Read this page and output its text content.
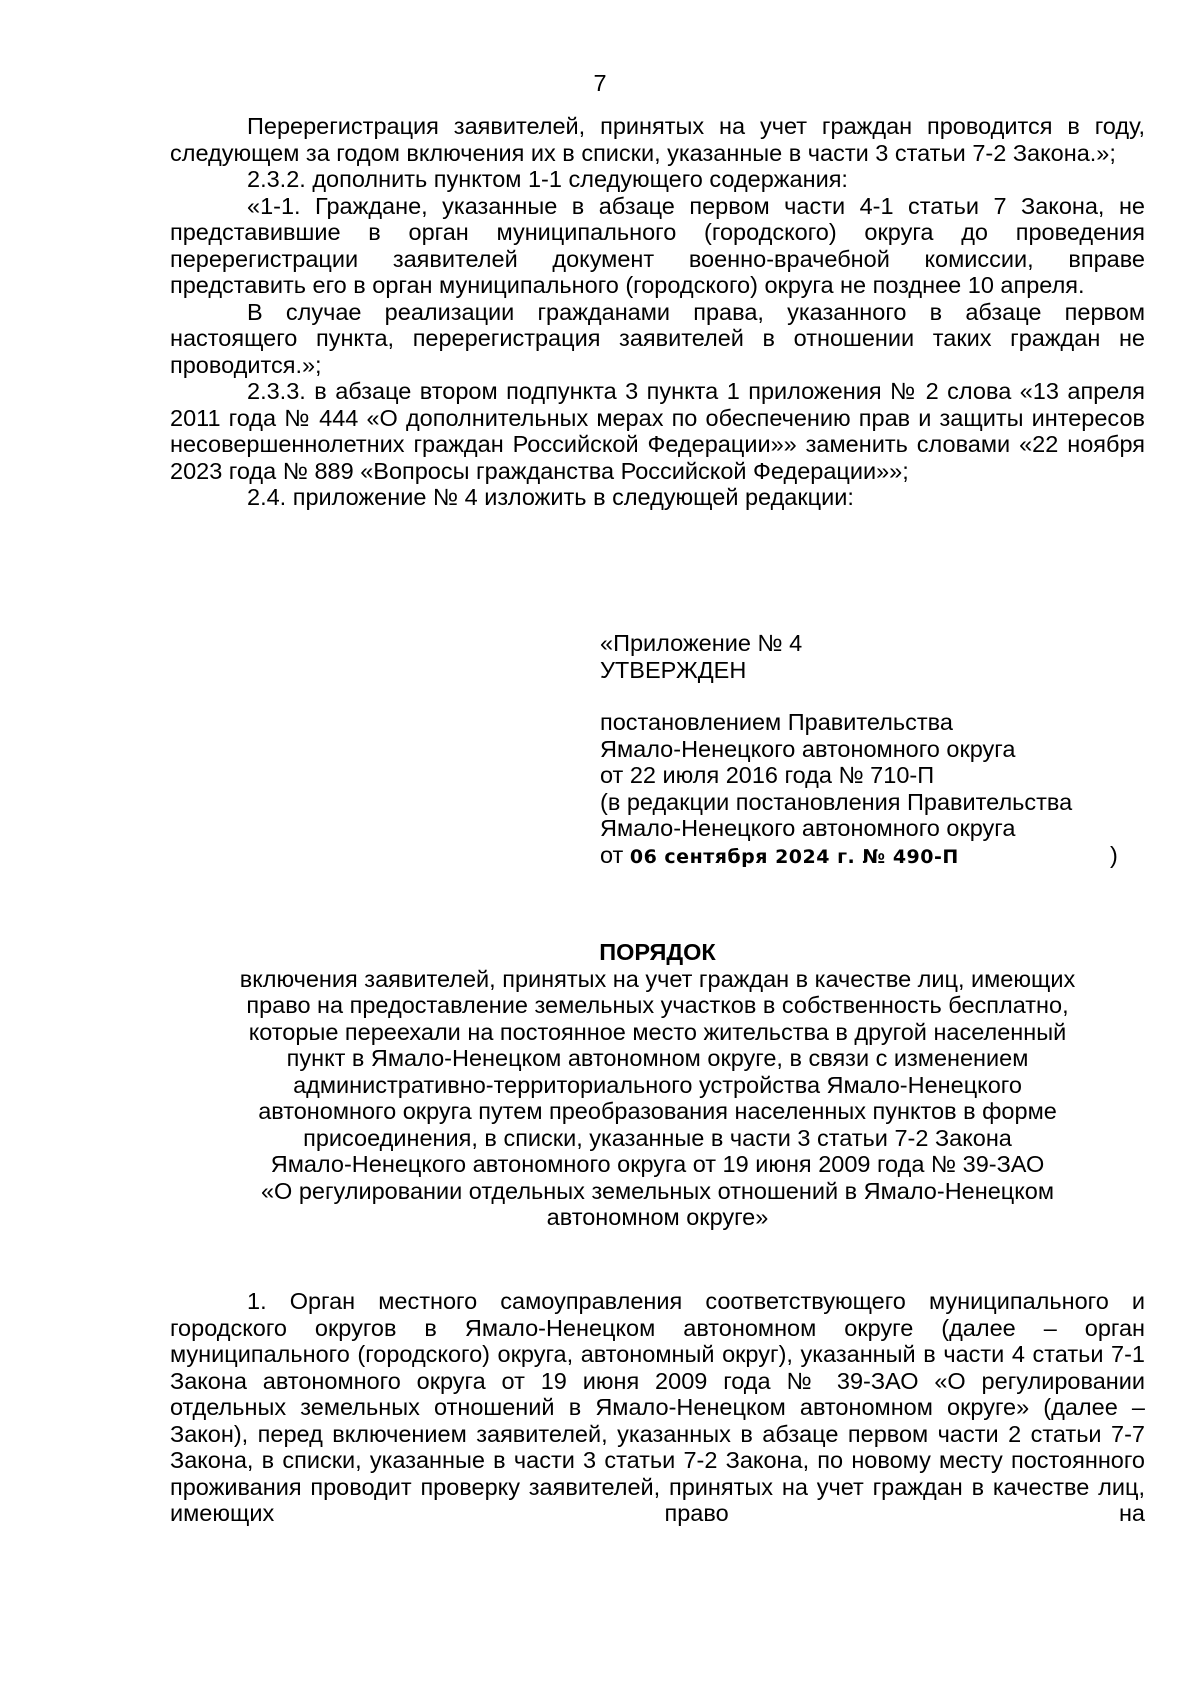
7

Перерегистрация заявителей, принятых на учет граждан проводится в году, следующем за годом включения их в списки, указанные в части 3 статьи 7-2 Закона.»;

2.3.2. дополнить пунктом 1-1 следующего содержания:

«1-1. Граждане, указанные в абзаце первом части 4-1 статьи 7 Закона, не представившие в орган муниципального (городского) округа до проведения перерегистрации заявителей документ военно-врачебной комиссии, вправе представить его в орган муниципального (городского) округа не позднее 10 апреля.

В случае реализации гражданами права, указанного в абзаце первом настоящего пункта, перерегистрация заявителей в отношении таких граждан не проводится.»;

2.3.3. в абзаце втором подпункта 3 пункта 1 приложения № 2 слова «13 апреля 2011 года № 444 «О дополнительных мерах по обеспечению прав и защиты интересов несовершеннолетних граждан Российской Федерации»» заменить словами «22 ноября 2023 года № 889 «Вопросы гражданства Российской Федерации»»;

2.4. приложение № 4 изложить в следующей редакции:

«Приложение № 4
УТВЕРЖДЕН
постановлением Правительства
Ямало-Ненецкого автономного округа
от 22 июля 2016 года № 710-П
(в редакции постановления Правительства
Ямало-Ненецкого автономного округа
от 06 сентября 2024 г. № 490-П	)
ПОРЯДОК
включения заявителей, принятых на учет граждан в качестве лиц, имеющих
право на предоставление земельных участков в собственность бесплатно,
которые переехали на постоянное место жительства в другой населенный
пункт в Ямало-Ненецком автономном округе, в связи с изменением
административно-территориального устройства Ямало-Ненецкого
автономного округа путем преобразования населенных пунктов в форме
присоединения, в списки, указанные в части 3 статьи 7-2 Закона
Ямало-Ненецкого автономного округа от 19 июня 2009 года № 39-ЗАО
«О регулировании отдельных земельных отношений в Ямало-Ненецком
автономном округе»

1. Орган местного самоуправления соответствующего муниципального и городского округов в Ямало-Ненецком автономном округе (далее – орган муниципального (городского) округа, автономный округ), указанный в части 4 статьи 7-1 Закона автономного округа от 19 июня 2009 года № 39-ЗАО «О регулировании отдельных земельных отношений в Ямало-Ненецком автономном округе» (далее – Закон), перед включением заявителей, указанных в абзаце первом части 2 статьи 7-7 Закона, в списки, указанные в части 3 статьи 7-2 Закона, по новому месту постоянного проживания проводит проверку заявителей, принятых на учет граждан в качестве лиц, имеющих право на
